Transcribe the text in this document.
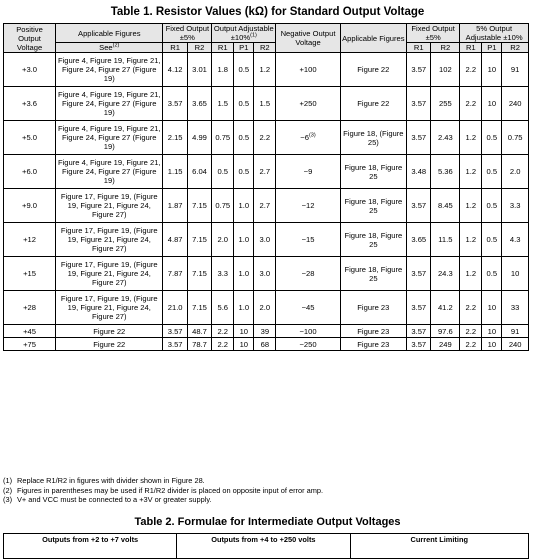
Table 1. Resistor Values (kΩ) for Standard Output Voltage
Positive Output Voltage	Applicable Figures	Fixed Output ±5%		Output Adjustable ±10%$^{(1)}$			Negative Output Voltage	Applicable Figures	Fixed Output ±5%		5% Output Adjustable ±10%		
	See$^{(2)}$	R1	R2	R1	P1	R2			R1	R2	R1	P1	R2
+3.0	Figure 4, Figure 19, Figure 21, Figure 24, Figure 27 (Figure 19)	4.12	3.01	1.8	0.5	1.2	+100	Figure 22	3.57	102	2.2	10	91
+3.6	Figure 4, Figure 19, Figure 21, Figure 24, Figure 27 (Figure 19)	3.57	3.65	1.5	0.5	1.5	+250	Figure 22	3.57	255	2.2	10	240
+5.0	Figure 4, Figure 19, Figure 21, Figure 24, Figure 27 (Figure 19)	2.15	4.99	0.75	0.5	2.2	$-6^{(3)}$	Figure 18, (Figure 25)	3.57	2.43	1.2	0.5	0.75
+6.0	Figure 4, Figure 19, Figure 21, Figure 24, Figure 27 (Figure 19)	1.15	6.04	0.5	0.5	2.7	−9	Figure 18, Figure 25	3.48	5.36	1.2	0.5	2.0
+9.0	Figure 17, Figure 19, (Figure 19, Figure 21, Figure 24, Figure 27)	1.87	7.15	0.75	1.0	2.7	−12	Figure 18, Figure 25	3.57	8.45	1.2	0.5	3.3
+12	Figure 17, Figure 19, (Figure 19, Figure 21, Figure 24, Figure 27)	4.87	7.15	2.0	1.0	3.0	−15	Figure 18, Figure 25	3.65	11.5	1.2	0.5	4.3
+15	Figure 17, Figure 19, (Figure 19, Figure 21, Figure 24, Figure 27)	7.87	7.15	3.3	1.0	3.0	−28	Figure 18, Figure 25	3.57	24.3	1.2	0.5	10
+28	Figure 17, Figure 19, (Figure 19, Figure 21, Figure 24, Figure 27)	21.0	7.15	5.6	1.0	2.0	−45	Figure 23	3.57	41.2	2.2	10	33
+45	Figure 22	3.57	48.7	2.2	10	39	−100	Figure 23	3.57	97.6	2.2	10	91
+75	Figure 22	3.57	78.7	2.2	10	68	−250	Figure 23	3.57	249	2.2	10	240
(1) Replace R1/R2 in figures with divider shown in Figure 28.
(2) Figures in parentheses may be used if R1/R2 divider is placed on opposite input of error amp.
(3) V+ and VCC must be connected to a +3V or greater supply.
Table 2. Formulae for Intermediate Output Voltages
Outputs from +2 to +7 volts	Outputs from +4 to +250 volts	Current Limiting
